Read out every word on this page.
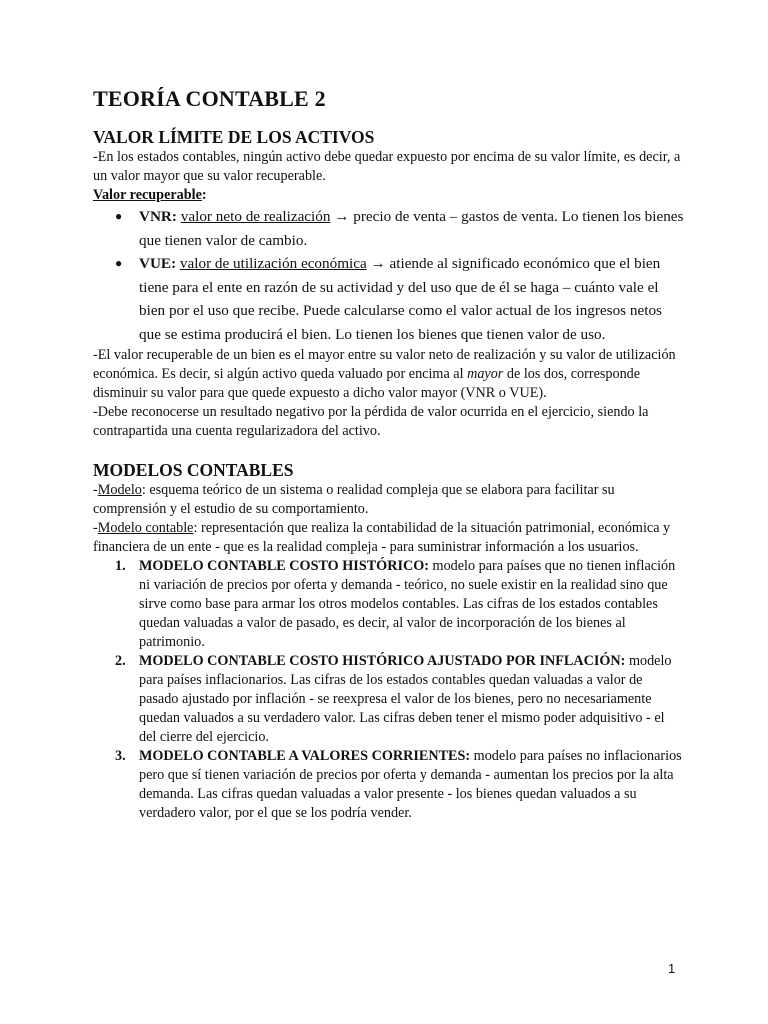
TEORÍA CONTABLE 2
VALOR LÍMITE DE LOS ACTIVOS

-En los estados contables, ningún activo debe quedar expuesto por encima de su valor límite, es decir, a un valor mayor que su valor recuperable.

Valor recuperable:

● VNR: valor neto de realización → precio de venta – gastos de venta. Lo tienen los bienes que tienen valor de cambio.
● VUE: valor de utilización económica → atiende al significado económico que el bien tiene para el ente en razón de su actividad y del uso que de él se haga – cuánto vale el bien por el uso que recibe. Puede calcularse como el valor actual de los ingresos netos que se estima producirá el bien. Lo tienen los bienes que tienen valor de uso.

-El valor recuperable de un bien es el mayor entre su valor neto de realización y su valor de utilización económica. Es decir, si algún activo queda valuado por encima al mayor de los dos, corresponde disminuir su valor para que quede expuesto a dicho valor mayor (VNR o VUE).

-Debe reconocerse un resultado negativo por la pérdida de valor ocurrida en el ejercicio, siendo la contrapartida una cuenta regularizadora del activo.

MODELOS CONTABLES

-Modelo: esquema teórico de un sistema o realidad compleja que se elabora para facilitar su comprensión y el estudio de su comportamiento.

-Modelo contable: representación que realiza la contabilidad de la situación patrimonial, económica y financiera de un ente - que es la realidad compleja - para suministrar información a los usuarios.

1. MODELO CONTABLE COSTO HISTÓRICO: modelo para países que no tienen inflación ni variación de precios por oferta y demanda - teórico, no suele existir en la realidad sino que sirve como base para armar los otros modelos contables. Las cifras de los estados contables quedan valuadas a valor de pasado, es decir, al valor de incorporación de los bienes al patrimonio.
2. MODELO CONTABLE COSTO HISTÓRICO AJUSTADO POR INFLACIÓN: modelo para países inflacionarios. Las cifras de los estados contables quedan valuadas a valor de pasado ajustado por inflación - se reexpresa el valor de los bienes, pero no necesariamente quedan valuados a su verdadero valor. Las cifras deben tener el mismo poder adquisitivo - el del cierre del ejercicio.
3. MODELO CONTABLE A VALORES CORRIENTES: modelo para países no inflacionarios pero que sí tienen variación de precios por oferta y demanda - aumentan los precios por la alta demanda. Las cifras quedan valuadas a valor presente - los bienes quedan valuados a su verdadero valor, por el que se los podría vender.
1
